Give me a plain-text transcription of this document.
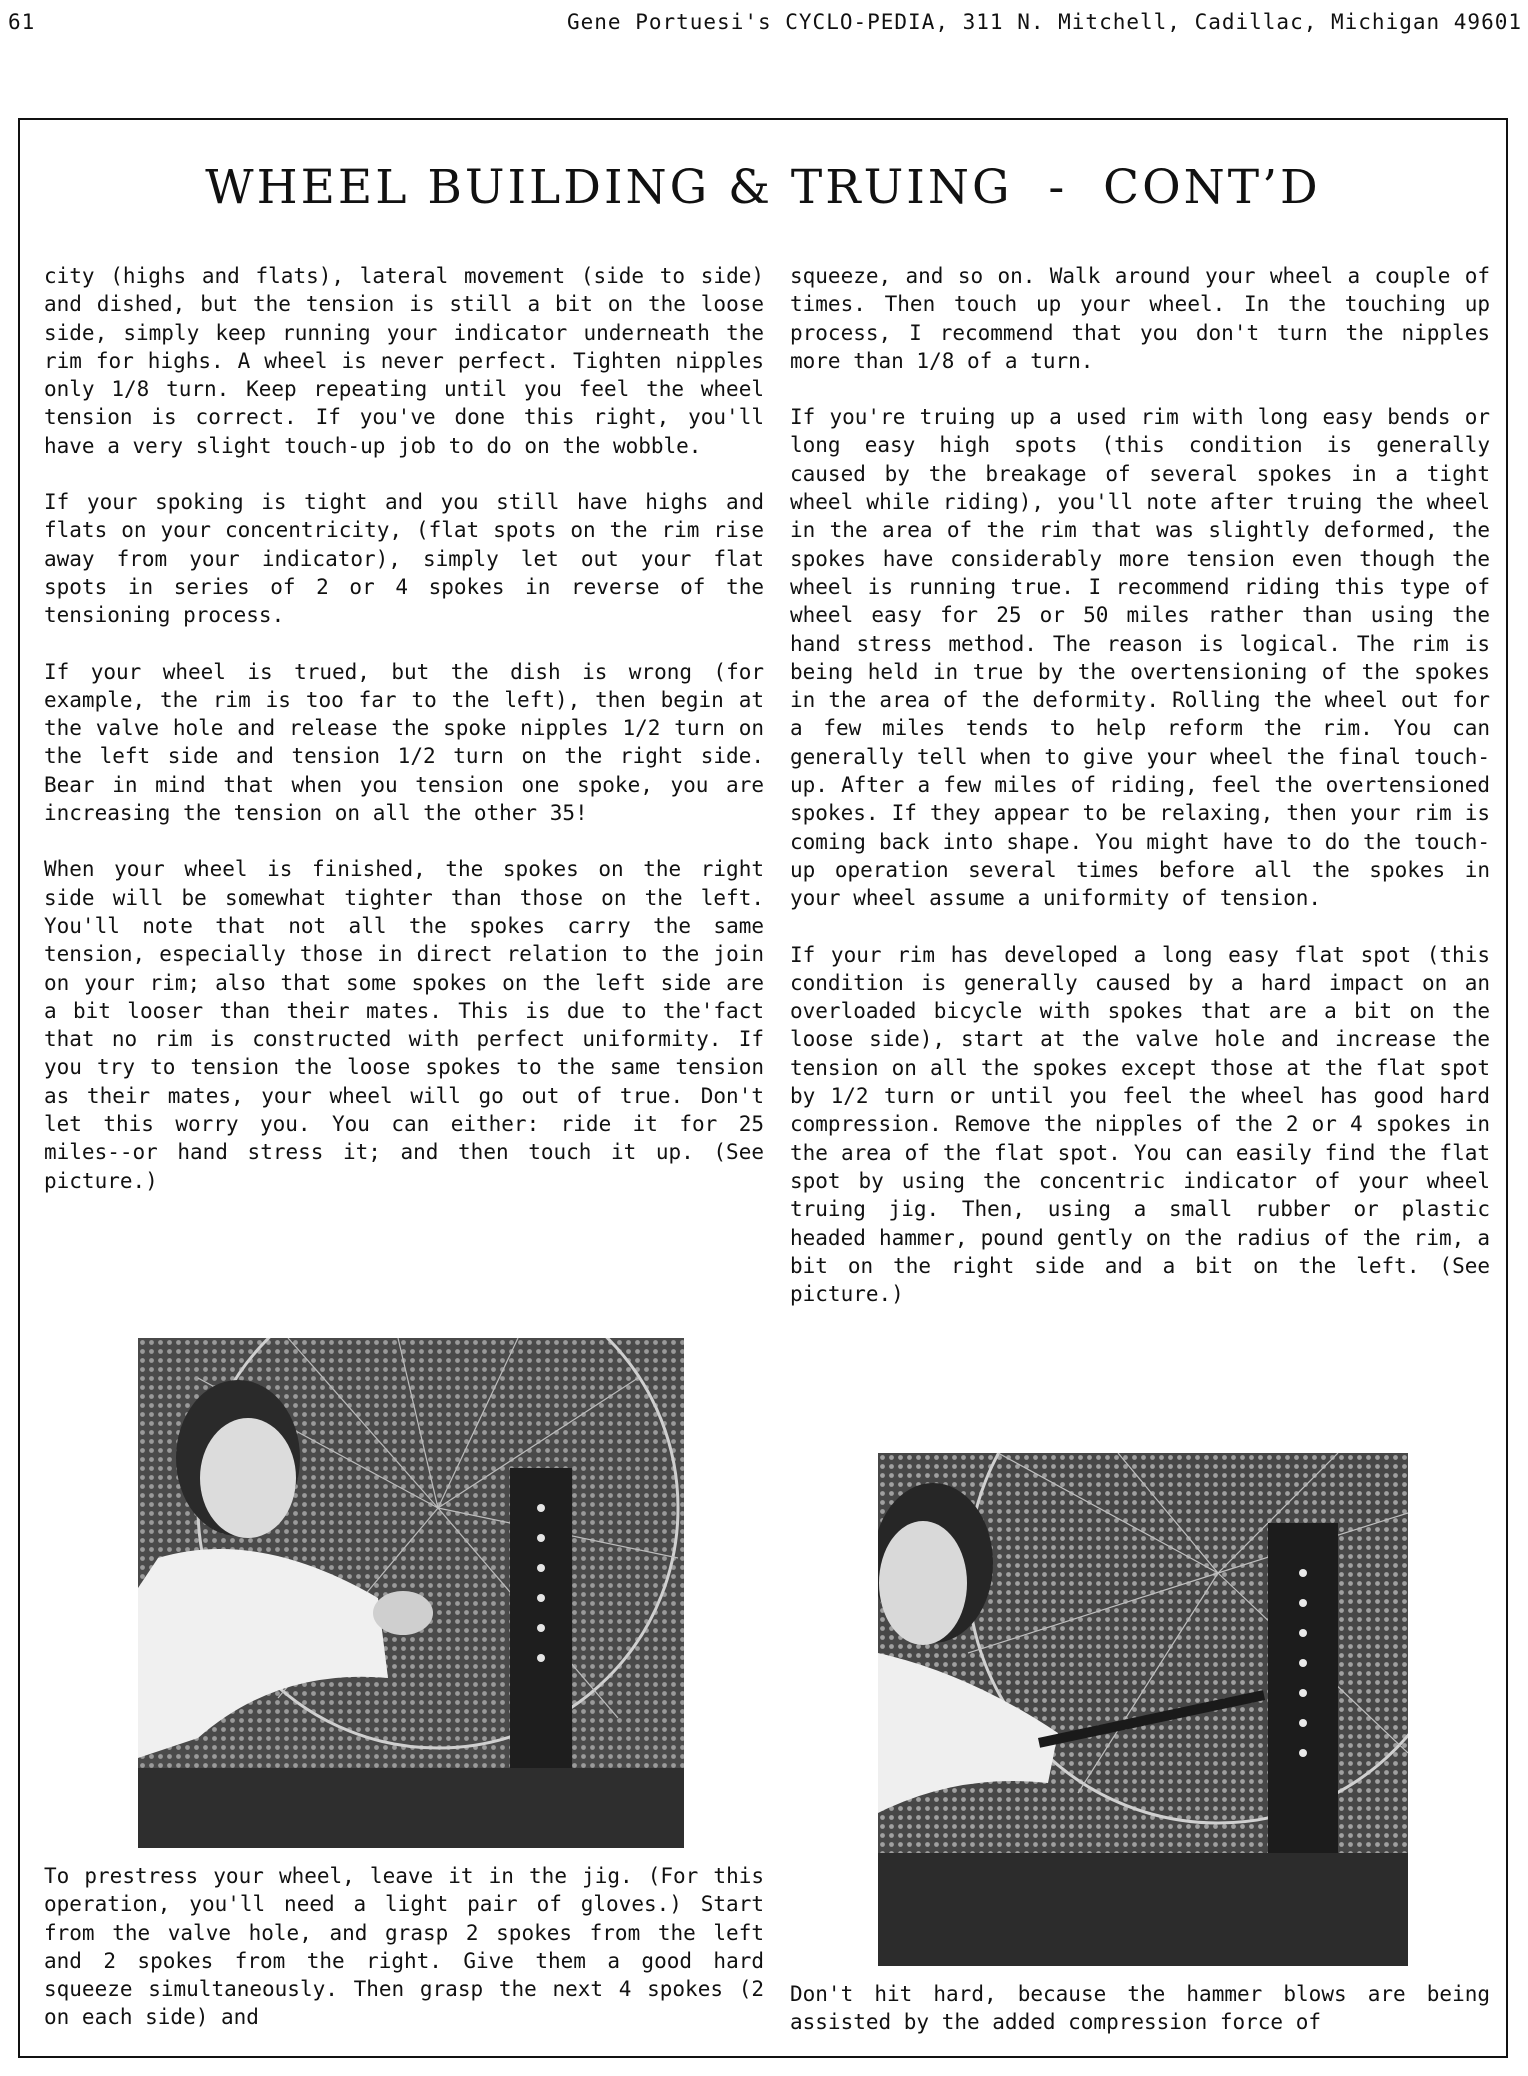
61	Gene Portuesi's CYCLO-PEDIA, 311 N. Mitchell, Cadillac, Michigan 49601
WHEEL BUILDING & TRUING  -  CONT’D

city (highs and flats), lateral movement (side to side) and dished, but the tension is still a bit on the loose side, simply keep running your indicator underneath the rim for highs. A wheel is never perfect. Tighten nipples only 1/8 turn. Keep repeating until you feel the wheel tension is correct. If you've done this right, you'll have a very slight touch-up job to do on the wobble.

If your spoking is tight and you still have highs and flats on your concentricity, (flat spots on the rim rise away from your indicator), simply let out your flat spots in series of 2 or 4 spokes in reverse of the tensioning process.

If your wheel is trued, but the dish is wrong (for example, the rim is too far to the left), then begin at the valve hole and release the spoke nipples 1/2 turn on the left side and tension 1/2 turn on the right side. Bear in mind that when you tension one spoke, you are increasing the tension on all the other 35!

When your wheel is finished, the spokes on the right side will be somewhat tighter than those on the left. You'll note that not all the spokes carry the same tension, especially those in direct relation to the join on your rim; also that some spokes on the left side are a bit looser than their mates. This is due to the'fact that no rim is constructed with perfect uniformity. If you try to tension the loose spokes to the same tension as their mates, your wheel will go out of true. Don't let this worry you. You can either: ride it for 25 miles--or hand stress it; and then touch it up. (See picture.)

To prestress your wheel, leave it in the jig. (For this operation, you'll need a light pair of gloves.) Start from the valve hole, and grasp 2 spokes from the left and 2 spokes from the right. Give them a good hard squeeze simultaneously. Then grasp the next 4 spokes (2 on each side) and

squeeze, and so on. Walk around your wheel a couple of times. Then touch up your wheel. In the touching up process, I recommend that you don't turn the nipples more than 1/8 of a turn.

If you're truing up a used rim with long easy bends or long easy high spots (this condition is generally caused by the breakage of several spokes in a tight wheel while riding), you'll note after truing the wheel in the area of the rim that was slightly deformed, the spokes have considerably more tension even though the wheel is running true. I recommend riding this type of wheel easy for 25 or 50 miles rather than using the hand stress method. The reason is logical. The rim is being held in true by the overtensioning of the spokes in the area of the deformity. Rolling the wheel out for a few miles tends to help reform the rim. You can generally tell when to give your wheel the final touch-up. After a few miles of riding, feel the overtensioned spokes. If they appear to be relaxing, then your rim is coming back into shape. You might have to do the touch-up operation several times before all the spokes in your wheel assume a uniformity of tension.

If your rim has developed a long easy flat spot (this condition is generally caused by a hard impact on an overloaded bicycle with spokes that are a bit on the loose side), start at the valve hole and increase the tension on all the spokes except those at the flat spot by 1/2 turn or until you feel the wheel has good hard compression. Remove the nipples of the 2 or 4 spokes in the area of the flat spot. You can easily find the flat spot by using the concentric indicator of your wheel truing jig. Then, using a small rubber or plastic headed hammer, pound gently on the radius of the rim, a bit on the right side and a bit on the left. (See picture.)

Don't hit hard, because the hammer blows are being assisted by the added compression force of
